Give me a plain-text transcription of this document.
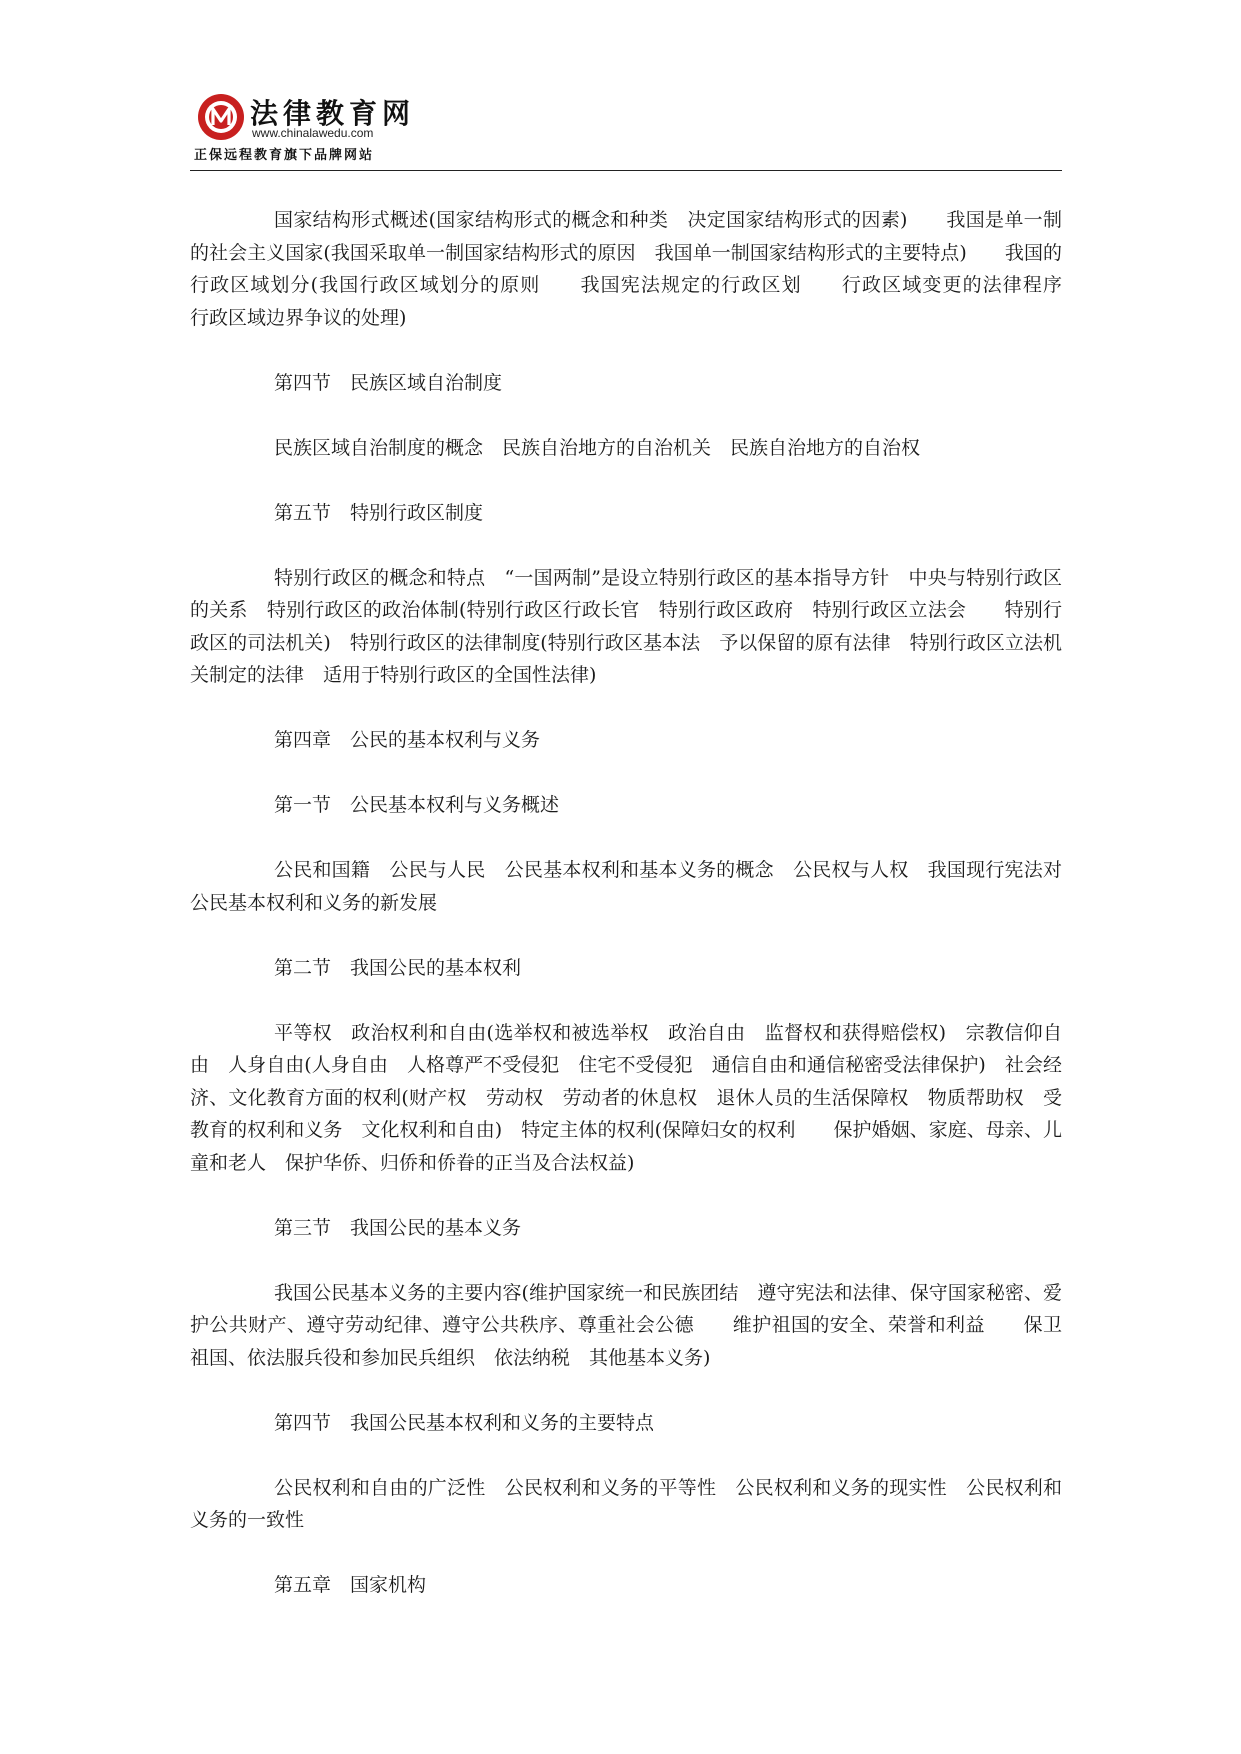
法律教育网
www.chinalawedu.com
正保远程教育旗下品牌网站

国家结构形式概述(国家结构形式的概念和种类　决定国家结构形式的因素)　　我国是单一制的社会主义国家(我国采取单一制国家结构形式的原因　我国单一制国家结构形式的主要特点)　　我国的行政区域划分(我国行政区域划分的原则　　我国宪法规定的行政区划　　行政区域变更的法律程序　　行政区域边界争议的处理)

第四节　民族区域自治制度

民族区域自治制度的概念　民族自治地方的自治机关　民族自治地方的自治权

第五节　特别行政区制度

特别行政区的概念和特点　“一国两制”是设立特别行政区的基本指导方针　中央与特别行政区的关系　特别行政区的政治体制(特别行政区行政长官　特别行政区政府　特别行政区立法会　　特别行政区的司法机关)　特别行政区的法律制度(特别行政区基本法　予以保留的原有法律　特别行政区立法机关制定的法律　适用于特别行政区的全国性法律)

第四章　公民的基本权利与义务

第一节　公民基本权利与义务概述

公民和国籍　公民与人民　公民基本权利和基本义务的概念　公民权与人权　我国现行宪法对公民基本权利和义务的新发展

第二节　我国公民的基本权利

平等权　政治权利和自由(选举权和被选举权　政治自由　监督权和获得赔偿权)　宗教信仰自由　人身自由(人身自由　人格尊严不受侵犯　住宅不受侵犯　通信自由和通信秘密受法律保护)　社会经济、文化教育方面的权利(财产权　劳动权　劳动者的休息权　退休人员的生活保障权　物质帮助权　受教育的权利和义务　文化权利和自由)　特定主体的权利(保障妇女的权利　　保护婚姻、家庭、母亲、儿童和老人　保护华侨、归侨和侨眷的正当及合法权益)

第三节　我国公民的基本义务

我国公民基本义务的主要内容(维护国家统一和民族团结　遵守宪法和法律、保守国家秘密、爱护公共财产、遵守劳动纪律、遵守公共秩序、尊重社会公德　　维护祖国的安全、荣誉和利益　　保卫祖国、依法服兵役和参加民兵组织　依法纳税　其他基本义务)

第四节　我国公民基本权利和义务的主要特点

公民权利和自由的广泛性　公民权利和义务的平等性　公民权利和义务的现实性　公民权利和义务的一致性

第五章　国家机构
